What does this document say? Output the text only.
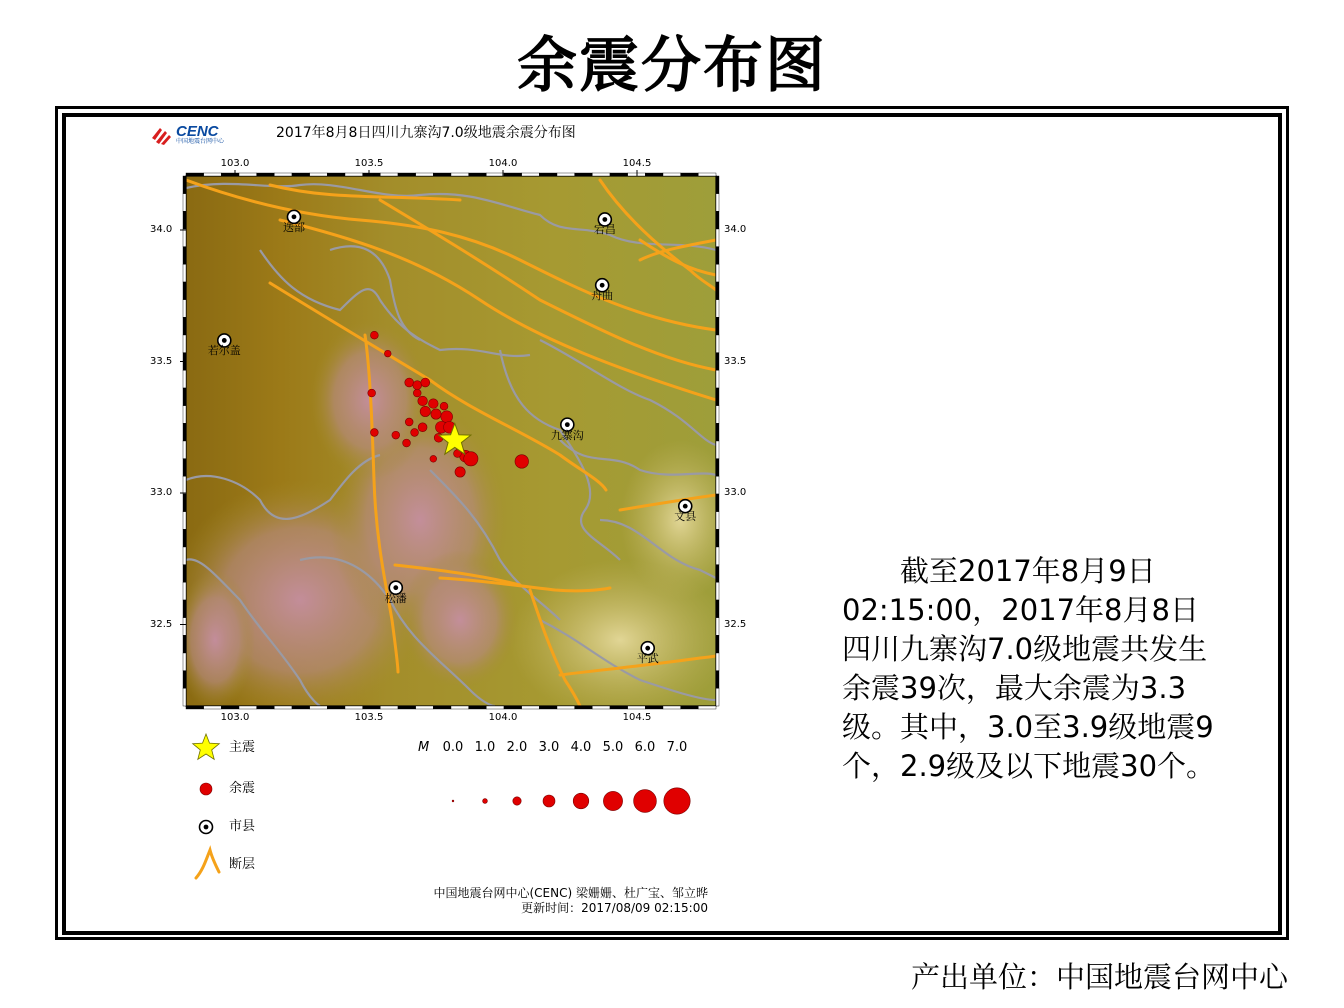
余震分布图
CENC
中国地震台网中心
2017年8月8日四川九寨沟7.0级地震余震分布图
主震
余震
市县
断层
M	0.0 1.0 2.0 3.0 4.0 5.0 6.0 7.0
103.0
103.0
103.5
103.5
104.0
104.0
104.5
104.5
34.0	34.0
33.5	33.5
33.0	33.0
32.5	32.5
迭部	宕昌
舟曲
若尔盖
九寨沟
文县
松潘
平武
中国地震台网中心(CENC) 梁姗姗、杜广宝、邹立晔
更新时间：2017/08/09 02:15:00
截至2017年8月9日02:15:00，2017年8月8日四川九寨沟7.0级地震共发生余震39次，最大余震为3.3级。其中，3.0至3.9级地震9个，2.9级及以下地震30个。
产出单位：中国地震台网中心
